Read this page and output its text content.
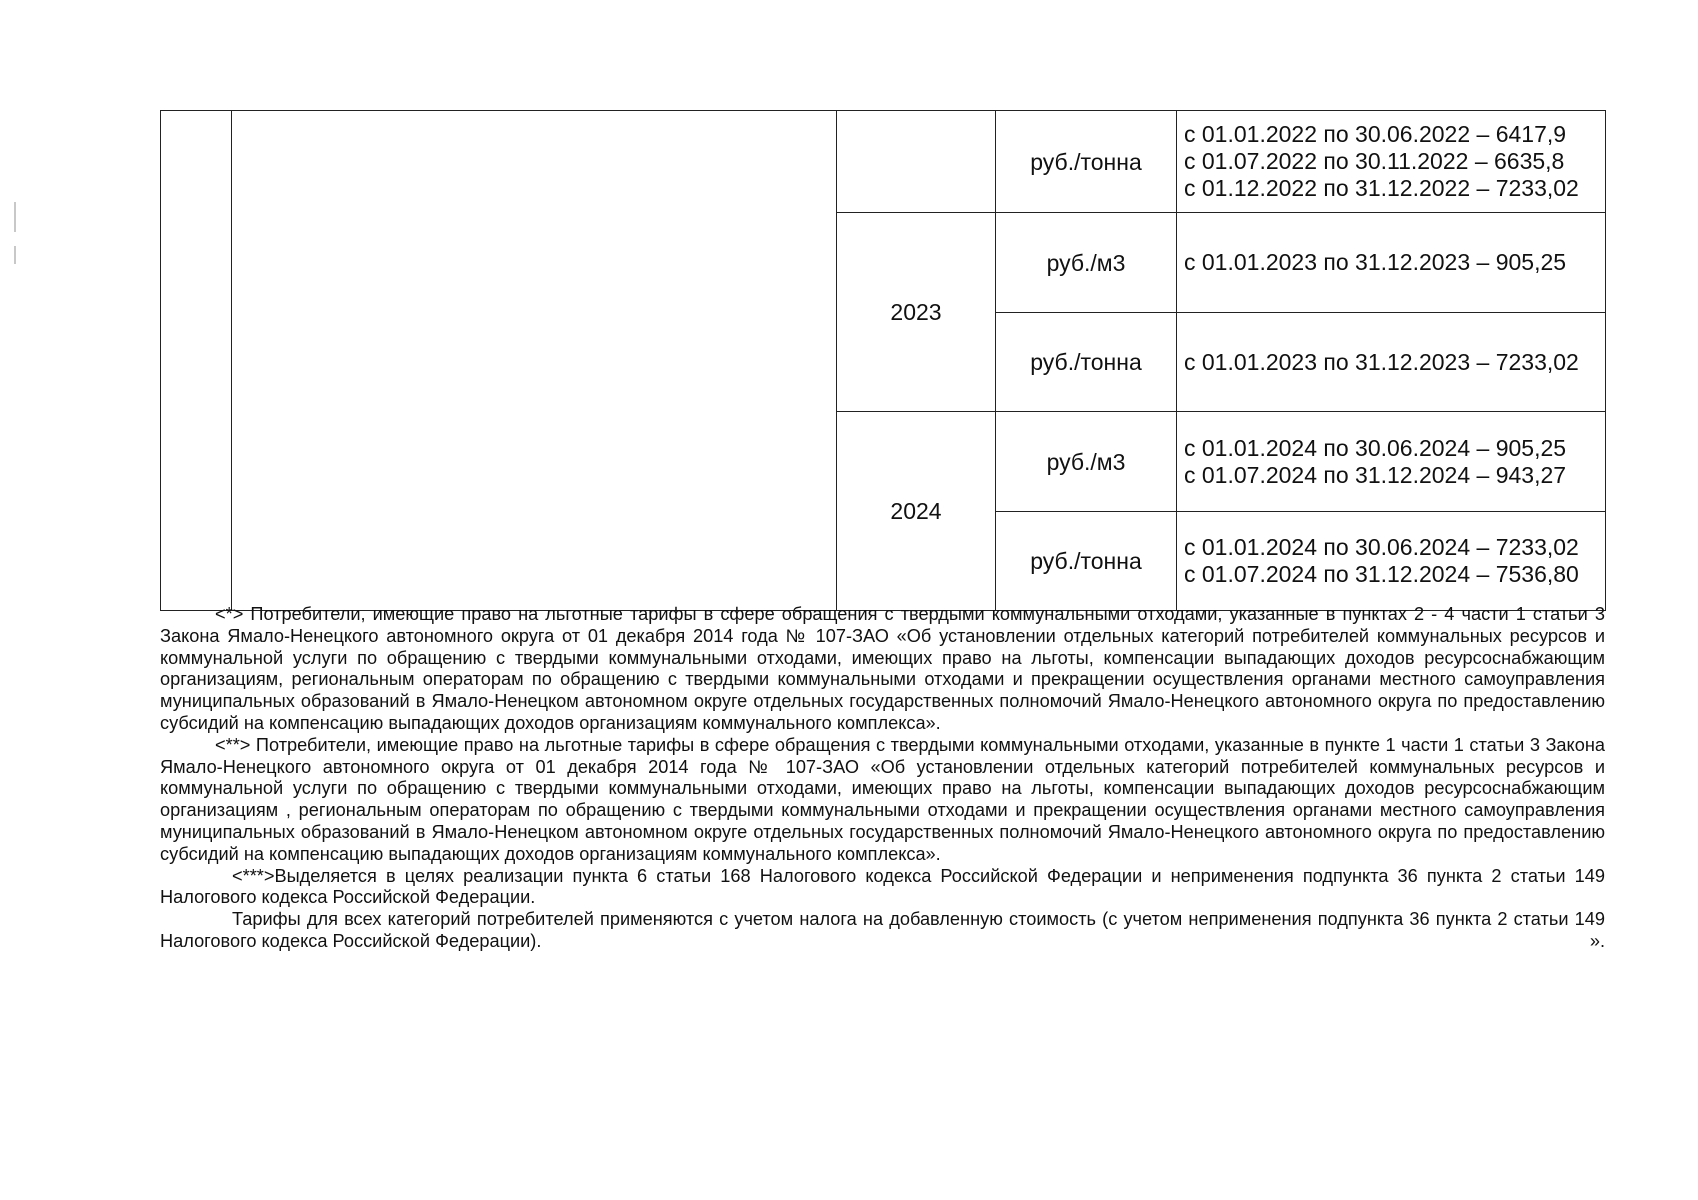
			руб./тонна	с 01.01.2022 по 30.06.2022 – 6417,9
с 01.07.2022 по 30.11.2022 – 6635,8
с 01.12.2022 по 31.12.2022 – 7233,02

		2023	руб./м3	с 01.01.2023 по 31.12.2023 – 905,25

			руб./тонна	с 01.01.2023 по 31.12.2023 – 7233,02

		2024	руб./м3	с 01.01.2024 по 30.06.2024 – 905,25
с 01.07.2024 по 31.12.2024 – 943,27

			руб./тонна	с 01.01.2024 по 30.06.2024 – 7233,02
с 01.07.2024 по 31.12.2024 – 7536,80

<*> Потребители, имеющие право на льготные тарифы в сфере обращения с твердыми коммунальными отходами, указанные в пунктах 2 - 4 части 1 статьи 3 Закона Ямало-Ненецкого автономного округа от 01 декабря 2014 года № 107-ЗАО «Об установлении отдельных категорий потребителей коммунальных ресурсов и коммунальной услуги по обращению с твердыми коммунальными отходами, имеющих право на льготы, компенсации выпадающих доходов ресурсоснабжающим организациям, региональным операторам по обращению с твердыми коммунальными отходами и прекращении осуществления органами местного самоуправления муниципальных образований в Ямало-Ненецком автономном округе отдельных государственных полномочий Ямало-Ненецкого автономного округа по предоставлению субсидий на компенсацию выпадающих доходов организациям коммунального комплекса».

<**> Потребители, имеющие право на льготные тарифы в сфере обращения с твердыми коммунальными отходами, указанные в пункте 1 части 1 статьи 3 Закона Ямало-Ненецкого автономного округа от 01 декабря 2014 года № 107-ЗАО «Об установлении отдельных категорий потребителей коммунальных ресурсов и коммунальной услуги по обращению с твердыми коммунальными отходами, имеющих право на льготы, компенсации выпадающих доходов ресурсоснабжающим организациям , региональным операторам по обращению с твердыми коммунальными отходами и прекращении осуществления органами местного самоуправления муниципальных образований в Ямало-Ненецком автономном округе отдельных государственных полномочий Ямало-Ненецкого автономного округа по предоставлению субсидий на компенсацию выпадающих доходов организациям коммунального комплекса».

<***>Выделяется в целях реализации пункта 6 статьи 168 Налогового кодекса Российской Федерации и неприменения подпункта 36 пункта 2 статьи 149 Налогового кодекса Российской Федерации.

Тарифы для всех категорий потребителей применяются с учетом налога на добавленную стоимость (с учетом неприменения подпункта 36 пункта 2 статьи 149 Налогового кодекса Российской Федерации).	».
